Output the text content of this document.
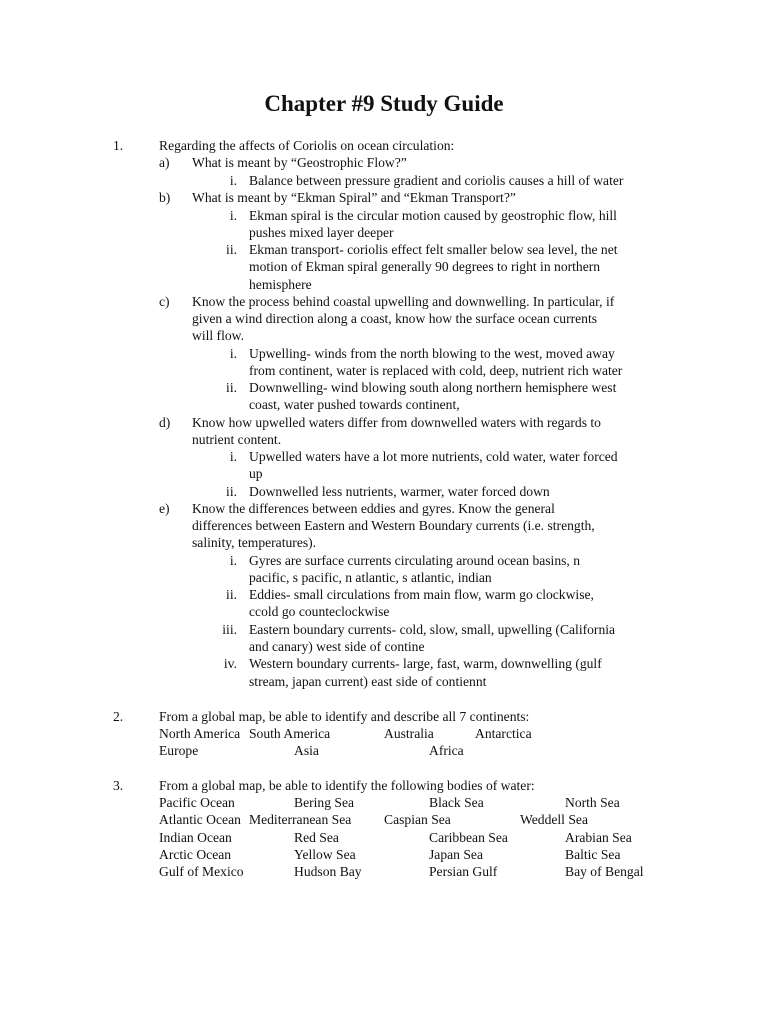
Chapter #9 Study Guide
1.	Regarding the affects of Coriolis on ocean circulation:
a) What is meant by “Geostrophic Flow?”
i. Balance between pressure gradient and coriolis causes a hill of water
b) What is meant by “Ekman Spiral” and “Ekman Transport?”
i. Ekman spiral is the circular motion caused by geostrophic flow, hill
pushes mixed layer deeper
ii. Ekman transport- coriolis effect felt smaller below sea level, the net
motion of Ekman spiral generally 90 degrees to right in northern
hemisphere
c) Know the process behind coastal upwelling and downwelling. In particular, if
given a wind direction along a coast, know how the surface ocean currents
will flow.
i. Upwelling- winds from the north blowing to the west, moved away
from continent, water is replaced with cold, deep, nutrient rich water
ii. Downwelling- wind blowing south along northern hemisphere west
coast, water pushed towards continent,
d) Know how upwelled waters differ from downwelled waters with regards to
nutrient content.
i. Upwelled waters have a lot more nutrients, cold water, water forced
up
ii. Downwelled less nutrients, warmer, water forced down
e) Know the differences between eddies and gyres. Know the general
differences between Eastern and Western Boundary currents (i.e. strength,
salinity, temperatures).
i. Gyres are surface currents circulating around ocean basins, n
pacific, s pacific, n atlantic, s atlantic, indian
ii. Eddies- small circulations from main flow, warm go clockwise,
ccold go counteclockwise
iii. Eastern boundary currents- cold, slow, small, upwelling (California
and canary) west side of contine
iv. Western boundary currents- large, fast, warm, downwelling (gulf
stream, japan current) east side of contiennt
2.	From a global map, be able to identify and describe all 7 continents:
North America South America	Australia	Antarctica
Europe	Asia	Africa
3.	From a global map, be able to identify the following bodies of water:
Pacific Ocean	Bering Sea	Black Sea	North Sea
Atlantic Ocean Mediterranean Sea Caspian Sea	Weddell Sea
Indian Ocean	Red Sea	Caribbean Sea	Arabian Sea
Arctic Ocean	Yellow Sea	Japan Sea	Baltic Sea
Gulf of Mexico	Hudson Bay	Persian Gulf	Bay of Bengal
